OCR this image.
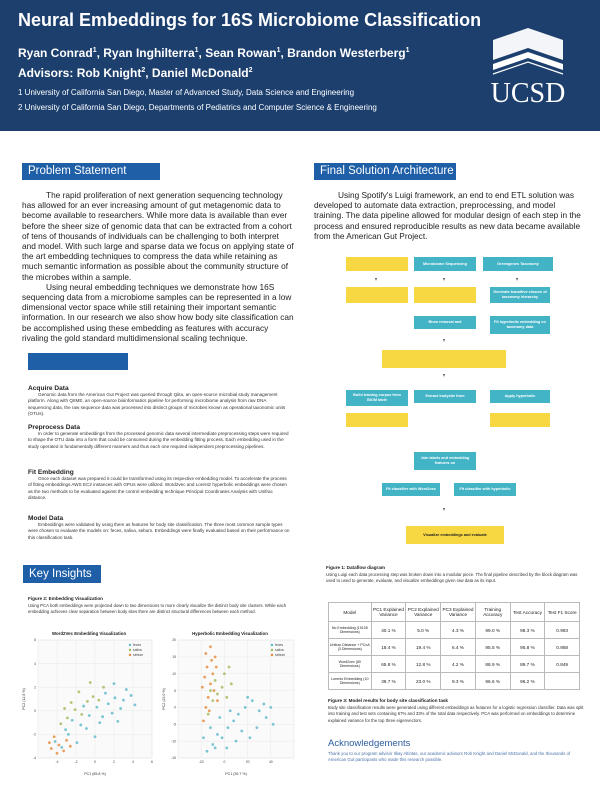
Neural Embeddings for 16S Microbiome Classification
Ryan Conrad$^1$, Ryan Inghilterra$^1$, Sean Rowan$^1$, Brandon Westerberg$^1$
Advisors: Rob Knight$^2$, Daniel McDonald$^2$
1 University of California San Diego, Master of Advanced Study, Data Science and Engineering
2 University of California San Diego, Departments of Pediatrics and Computer Science & Engineering	UCSD
Problem Statement

The rapid proliferation of next generation sequencing technology has allowed for an ever increasing amount of gut metagenomic data to become available to researchers. While more data is available than ever before the sheer size of genomic data that can be extracted from a cohort of tens of thousands of individuals can be challenging to both interpret and model. With such large and sparse data we focus on applying state of the art embedding techniques to compress the data while retaining as much semantic information as possible about the community structure of the microbes within a sample.

Using neural embedding techniques we demonstrate how 16S sequencing data from a microbiome samples can be represented in a low dimensional vector space while still retaining their important semantic information. In our research we also show how body site classification can be accomplished using these embedding as features with accuracy rivaling the gold standard multidimensional scaling technique.

Acquire Data
Genomic data from the American Gut Project was queried through Qiita, an open-source microbial study management platform. Along with QIIME, an open-source bioinformatics pipeline for performing microbiome analysis from raw DNA sequencing data, the raw sequence data was processed into distinct groups of microbes known as operational taxonomic units (OTUs).
Preprocess Data
In order to generate embeddings from the processed genomic data several intermediate preprocessing steps were required to shape the OTU data into a form that could be consumed during the embedding fitting process. Each embedding used in the study operated in fundamentally different manners and thus each one required independent preprocessing pipelines.
Fit Embedding
Once each dataset was prepared it could be transformed using its respective embedding model. To accelerate the process of fitting embeddings AWS EC2 instances with GPUs were utilized. Word2vec and Lorentz hyperbolic embeddings were chosen as the two methods to be evaluated against the control embedding technique Principal Coordinates Analysis with Unifrac distance.
Model Data
Embeddings were validated by using them as features for body site classification. The three most common sample types were chosen to evaluate the models on: feces, saliva, sebum. Embeddings were finally evaluated based on their performance on this classification task.
Key Insights
Figure 2: Embedding Visualization
Using PCA both embeddings were projected down to two dimensions to more clearly visualize the distinct body site clusters. While each embedding achieves clear separation between body sites there are distinct structural differences between each method.
Word2Vec Embedding Visualization
-4	-2	0	2	4	6
-4
-2
0
2
4
6
feces
saliva
sebum
PC1 (65.8 %)
PC2 (12.8 %)
Hyperbolic Embedding Visualization
-20	0	20	40
-15
-10
-5
0
5
10
15
20
feces
saliva
sebum
PC1 (39.7 %)
PC2 (23.0 %)
Final Solution Architecture

Using Spotify's Luigi framework, an end to end ETL solution was developed to automate data extraction, preprocessing, and model training. The data pipeline allowed for modular design of each step in the process and ensured reproducible results as new data became available from the American Gut Project.

Microbiome Sequencing	Greengenes Taxonomy
Generate transitive closure of taxonomy hierarchy
Biom removal and	Fit hyperbolic embedding on taxonomy data
Build training corpus from BIOM table
Extract bodysite from	Apply hyperbolic
Join labels and embedding features on
Fit classifier with Word2vec	Fit classifier with hyperbolic
Visualize embeddings and evaluate
Figure 1: Dataflow diagram
Using Luigi each data processing step was broken down into a modular piece. The final pipeline described by the block diagram was used to used to generate, evaluate, and visualize embeddings given raw data as its input.
Model	PC1 Explained Variance	PC2 Explained Variance	PC3 Explained Variance	Training Accuracy	Test Accuracy	Test F1 Score
No Embedding (19105 Dimensions)	40.1 %	5.0 %	4.3 %	99.0 %	98.3 %	0.983
Unifrac Distance + PCoA (3 Dimensions)	18.4 %	19.4 %	6.4 %	95.5 %	95.8 %	0.958
Word2vec (80 Dimensions)	65.8 %	12.8 %	4.2 %	88.9 %	89.7 %	0.849
Lorentz Embedding (10 Dimensions)	39.7 %	23.0 %	9.3 %	96.6 %	96.2 %	
Figure 3: Model results for body site classification task
Body site classification results were generated using different embeddings as features for a logistic regression classifier. Data was split into training and test sets containing 67% and 33% of the total data respectively. PCA was performed on embeddings to determine explained variance for the top three eigenvectors.
Acknowledgements
Thank you to our program advisor Ilkay Altintas, our academic advisors Rob Knight and Daniel McDonald, and the thousands of American Gut participants who made this research possible.
